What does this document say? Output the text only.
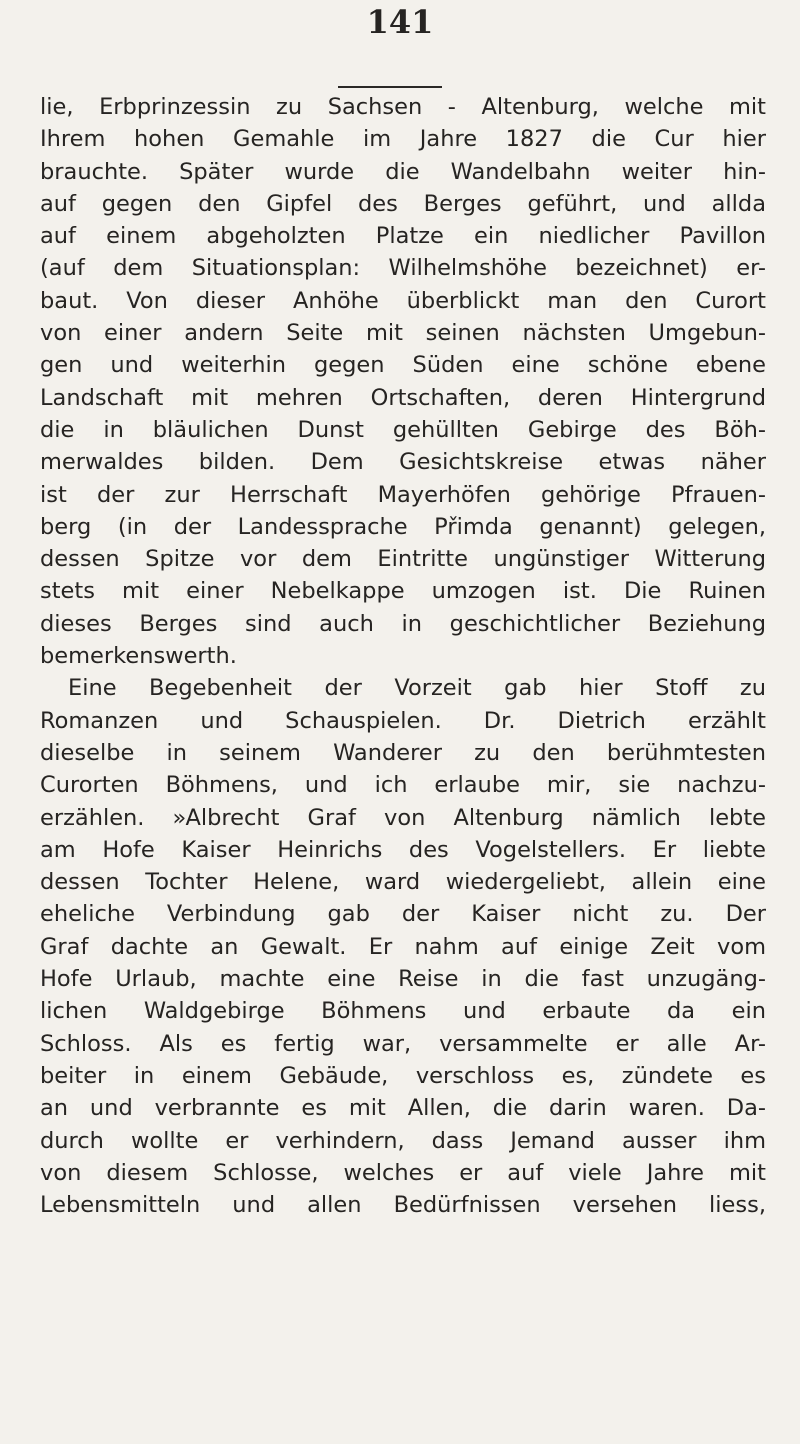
141
lie, Erbprinzessin zu Sachsen - Altenburg, welche mit
Ihrem hohen Gemahle im Jahre 1827 die Cur hier
brauchte. Später wurde die Wandelbahn weiter hin-
auf gegen den Gipfel des Berges geführt, und allda
auf einem abgeholzten Platze ein niedlicher Pavillon
(auf dem Situationsplan: Wilhelmshöhe bezeichnet) er-
baut. Von dieser Anhöhe überblickt man den Curort
von einer andern Seite mit seinen nächsten Umgebun-
gen und weiterhin gegen Süden eine schöne ebene
Landschaft mit mehren Ortschaften, deren Hintergrund
die in bläulichen Dunst gehüllten Gebirge des Böh-
merwaldes bilden. Dem Gesichtskreise etwas näher
ist der zur Herrschaft Mayerhöfen gehörige Pfrauen-
berg (in der Landessprache Přimda genannt) gelegen,
dessen Spitze vor dem Eintritte ungünstiger Witterung
stets mit einer Nebelkappe umzogen ist. Die Ruinen
dieses Berges sind auch in geschichtlicher Beziehung
bemerkenswerth.
Eine Begebenheit der Vorzeit gab hier Stoff zu
Romanzen und Schauspielen. Dr. Dietrich erzählt
dieselbe in seinem Wanderer zu den berühmtesten
Curorten Böhmens, und ich erlaube mir, sie nachzu-
erzählen. »Albrecht Graf von Altenburg nämlich lebte
am Hofe Kaiser Heinrichs des Vogelstellers. Er liebte
dessen Tochter Helene, ward wiedergeliebt, allein eine
eheliche Verbindung gab der Kaiser nicht zu. Der
Graf dachte an Gewalt. Er nahm auf einige Zeit vom
Hofe Urlaub, machte eine Reise in die fast unzugäng-
lichen Waldgebirge Böhmens und erbaute da ein
Schloss. Als es fertig war, versammelte er alle Ar-
beiter in einem Gebäude, verschloss es, zündete es
an und verbrannte es mit Allen, die darin waren. Da-
durch wollte er verhindern, dass Jemand ausser ihm
von diesem Schlosse, welches er auf viele Jahre mit
Lebensmitteln und allen Bedürfnissen versehen liess,
